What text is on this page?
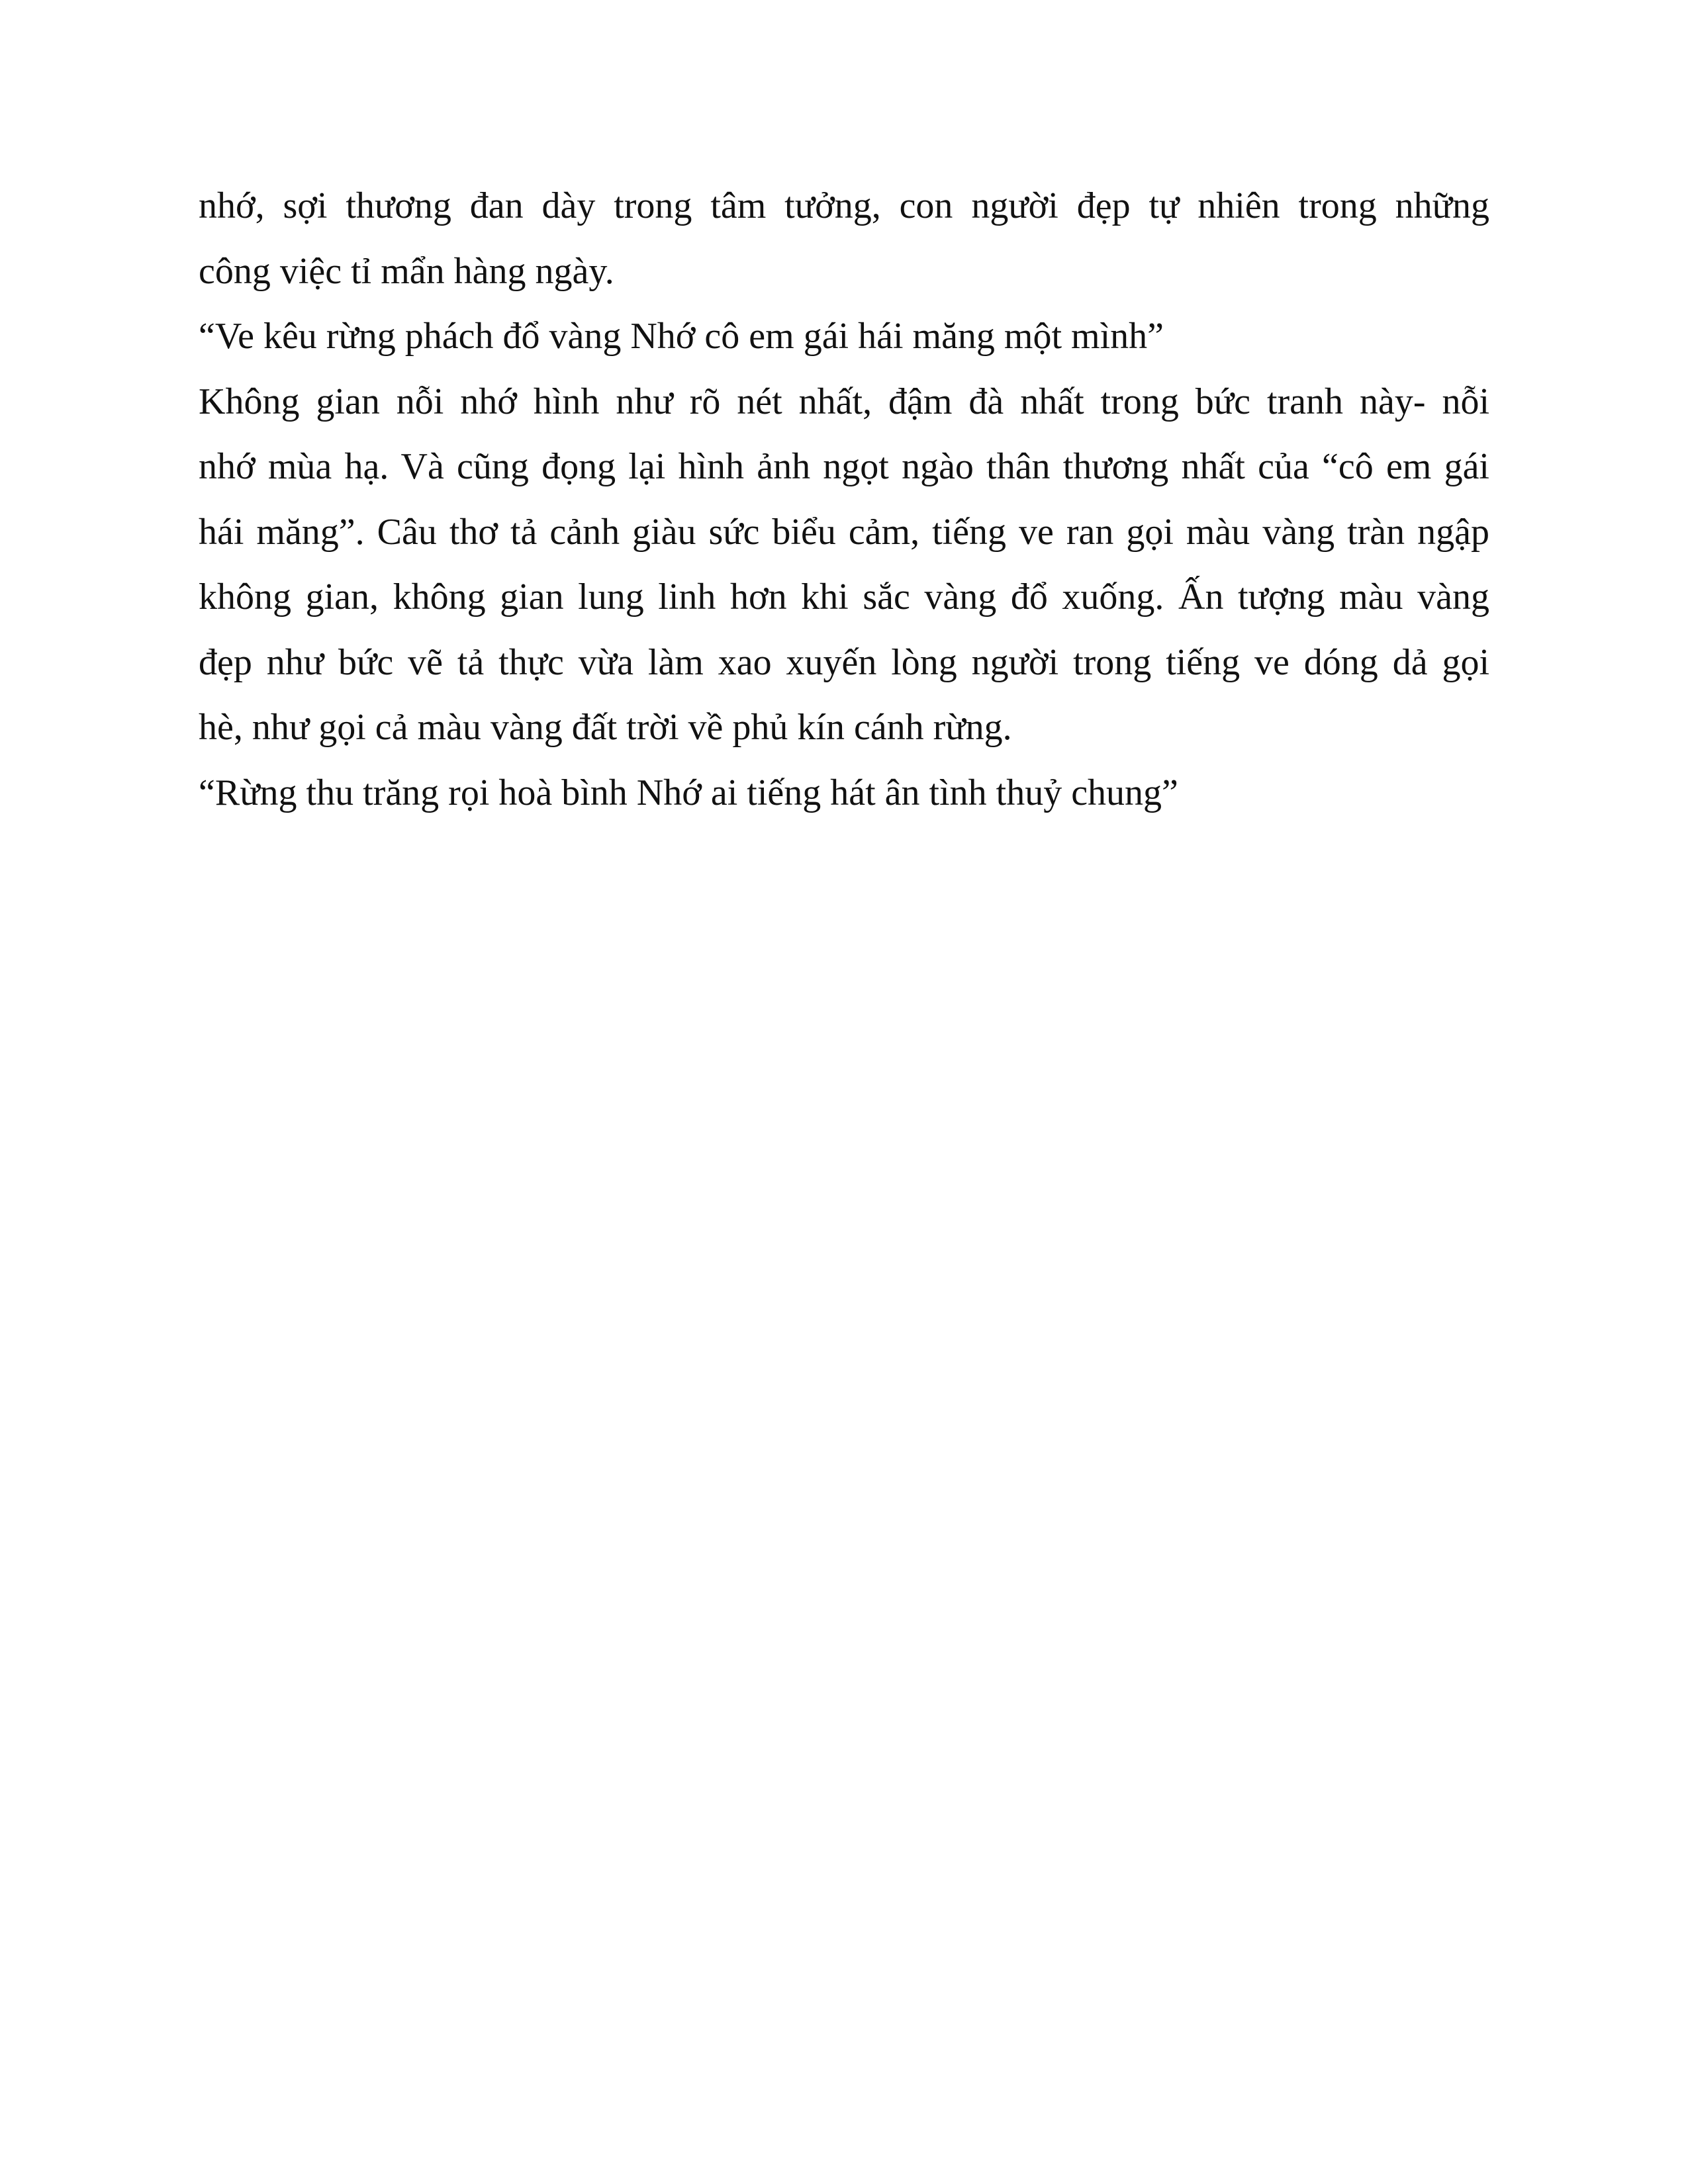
nhớ, sợi thương đan dày trong tâm tưởng, con người đẹp tự nhiên trong những
công việc tỉ mẩn hàng ngày.
“Ve kêu rừng phách đổ vàng Nhớ cô em gái hái măng một mình”
Không gian nỗi nhớ hình như rõ nét nhất, đậm đà nhất trong bức tranh này- nỗi
nhớ mùa hạ. Và cũng đọng lại hình ảnh ngọt ngào thân thương nhất của “cô em gái
hái măng”. Câu thơ tả cảnh giàu sức biểu cảm, tiếng ve ran gọi màu vàng tràn ngập
không gian, không gian lung linh hơn khi sắc vàng đổ xuống. Ấn tượng màu vàng
đẹp như bức vẽ tả thực vừa làm xao xuyến lòng người trong tiếng ve dóng dả gọi
hè, như gọi cả màu vàng đất trời về phủ kín cánh rừng.
“Rừng thu trăng rọi hoà bình Nhớ ai tiếng hát ân tình thuỷ chung”
